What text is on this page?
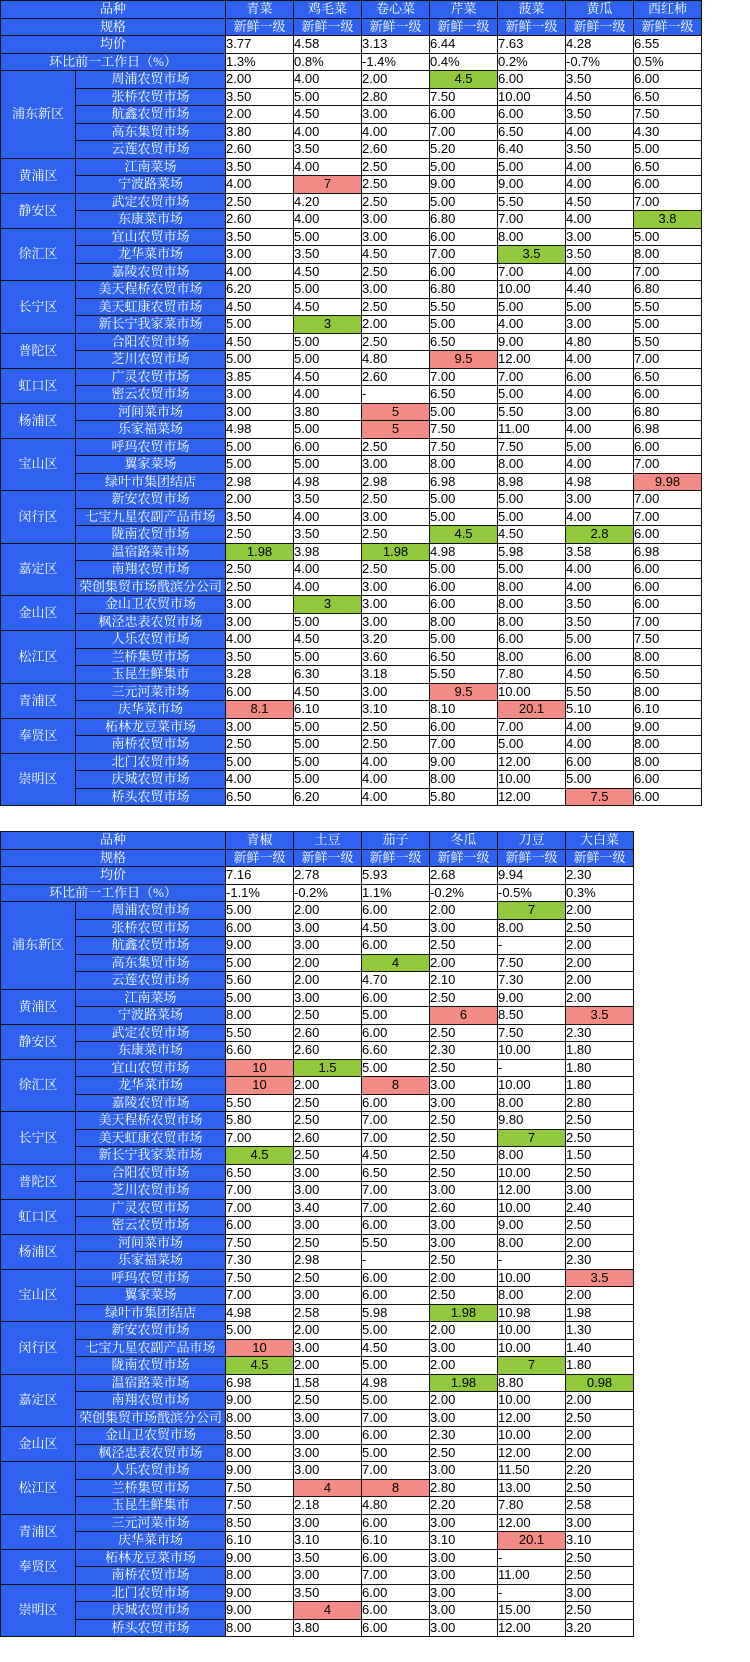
品种		青菜	鸡毛菜	卷心菜	芹菜	菠菜	黄瓜	西红柿
规格		新鲜一级	新鲜一级	新鲜一级	新鲜一级	新鲜一级	新鲜一级	新鲜一级
均价		3.77	4.58	3.13	6.44	7.63	4.28	6.55
环比前一工作日（%）		1.3%	0.8%	-1.4%	0.4%	0.2%	-0.7%	0.5%
浦东新区	周浦农贸市场	2.00	4.00	2.00	4.5	6.00	3.50	6.00
	张桥农贸市场	3.50	5.00	2.80	7.50	10.00	4.50	6.50
	航鑫农贸市场	2.00	4.50	3.00	6.00	6.00	3.50	7.50
	高东集贸市场	3.80	4.00	4.00	7.00	6.50	4.00	4.30
	云莲农贸市场	2.60	3.50	2.60	5.20	6.40	3.50	5.00
黄浦区	江南菜场	3.50	4.00	2.50	5.00	5.00	4.00	6.50
	宁波路菜场	4.00	7	2.50	9.00	9.00	4.00	6.00
静安区	武定农贸市场	2.50	4.20	2.50	5.00	5.50	4.50	7.00
	东康菜市场	2.60	4.00	3.00	6.80	7.00	4.00	3.8
徐汇区	宜山农贸市场	3.50	5.00	3.00	6.00	8.00	3.00	5.00
	龙华菜市场	3.00	3.50	4.50	7.00	3.5	3.50	8.00
	嘉陵农贸市场	4.00	4.50	2.50	6.00	7.00	4.00	7.00
长宁区	美天程桥农贸市场	6.20	5.00	3.00	6.80	10.00	4.40	6.80
	美天虹康农贸市场	4.50	4.50	2.50	5.50	5.00	5.00	5.50
	新长宁我家菜市场	5.00	3	2.00	5.00	4.00	3.00	5.00
普陀区	合阳农贸市场	4.50	5.00	2.50	6.50	9.00	4.80	5.50
	芝川农贸市场	5.00	5.00	4.80	9.5	12.00	4.00	7.00
虹口区	广灵农贸市场	3.85	4.50	2.60	7.00	7.00	6.00	6.50
	密云农贸市场	3.00	4.00	-	6.50	5.00	4.00	6.00
杨浦区	河间菜市场	3.00	3.80	5	5.00	5.50	3.00	6.80
	乐家福菜场	4.98	5.00	5	7.50	11.00	4.00	6.98
宝山区	呼玛农贸市场	5.00	6.00	2.50	7.50	7.50	5.00	6.00
	翼家菜场	5.00	5.00	3.00	8.00	8.00	4.00	7.00
	绿叶市集团结店	2.98	4.98	2.98	6.98	8.98	4.98	9.98
闵行区	新安农贸市场	2.00	3.50	2.50	5.00	5.00	3.00	7.00
	七宝九星农副产品市场	3.50	4.00	3.00	5.00	5.00	4.00	7.00
	陇南农贸市场	2.50	3.50	2.50	4.5	4.50	2.8	6.00
嘉定区	温宿路菜市场	1.98	3.98	1.98	4.98	5.98	3.58	6.98
	南翔农贸市场	2.50	4.00	2.50	5.00	5.00	4.00	6.00
	荣创集贸市场戬滨分公司	2.50	4.00	3.00	6.00	8.00	4.00	6.00
金山区	金山卫农贸市场	3.00	3	3.00	6.00	8.00	3.50	6.00
	枫泾忠表农贸市场	3.00	5.00	3.00	8.00	8.00	3.50	7.00
松江区	人乐农贸市场	4.00	4.50	3.20	5.00	6.00	5.00	7.50
	兰桥集贸市场	3.50	5.00	3.60	6.50	8.00	6.00	8.00
	玉昆生鲜集市	3.28	6.30	3.18	5.50	7.80	4.50	6.50
青浦区	三元河菜市场	6.00	4.50	3.00	9.5	10.00	5.50	8.00
	庆华菜市场	8.1	6.10	3.10	8.10	20.1	5.10	6.10
奉贤区	柘林龙豆菜市场	3.00	5.00	2.50	6.00	7.00	4.00	9.00
	南桥农贸市场	2.50	5.00	2.50	7.00	5.00	4.00	8.00
崇明区	北门农贸市场	5.00	5.00	4.00	9.00	12.00	6.00	8.00
	庆城农贸市场	4.00	5.00	4.00	8.00	10.00	5.00	6.00
	桥头农贸市场	6.50	6.20	4.00	5.80	12.00	7.5	6.00
品种		青椒	土豆	茄子	冬瓜	刀豆	大白菜
规格		新鲜一级	新鲜一级	新鲜一级	新鲜一级	新鲜一级	新鲜一级
均价		7.16	2.78	5.93	2.68	9.94	2.30
环比前一工作日（%）		-1.1%	-0.2%	1.1%	-0.2%	-0.5%	0.3%
浦东新区	周浦农贸市场	5.00	2.00	6.00	2.00	7	2.00
	张桥农贸市场	6.00	3.00	4.50	3.00	8.00	2.50
	航鑫农贸市场	9.00	3.00	6.00	2.50	-	2.00
	高东集贸市场	5.00	2.00	4	2.00	7.50	2.00
	云莲农贸市场	5.60	2.00	4.70	2.10	7.30	2.00
黄浦区	江南菜场	5.00	3.00	6.00	2.50	9.00	2.00
	宁波路菜场	8.00	2.50	5.00	6	8.50	3.5
静安区	武定农贸市场	5.50	2.60	6.00	2.50	7.50	2.30
	东康菜市场	6.60	2.60	6.60	2.30	10.00	1.80
徐汇区	宜山农贸市场	10	1.5	5.00	2.50	-	1.80
	龙华菜市场	10	2.00	8	3.00	10.00	1.80
	嘉陵农贸市场	5.50	2.50	6.00	3.00	8.00	2.80
长宁区	美天程桥农贸市场	5.80	2.50	7.00	2.50	9.80	2.50
	美天虹康农贸市场	7.00	2.60	7.00	2.50	7	2.50
	新长宁我家菜市场	4.5	2.50	4.50	2.50	8.00	1.50
普陀区	合阳农贸市场	6.50	3.00	6.50	2.50	10.00	2.50
	芝川农贸市场	7.00	3.00	7.00	3.00	12.00	3.00
虹口区	广灵农贸市场	7.00	3.40	7.00	2.60	10.00	2.40
	密云农贸市场	6.00	3.00	6.00	3.00	9.00	2.50
杨浦区	河间菜市场	7.50	2.50	5.50	3.00	8.00	2.00
	乐家福菜场	7.30	2.98	-	2.50	-	2.30
宝山区	呼玛农贸市场	7.50	2.50	6.00	2.00	10.00	3.5
	翼家菜场	7.00	3.00	6.00	2.50	8.00	2.00
	绿叶市集团结店	4.98	2.58	5.98	1.98	10.98	1.98
闵行区	新安农贸市场	5.00	2.00	5.00	2.00	10.00	1.30
	七宝九星农副产品市场	10	3.00	4.50	3.00	10.00	1.40
	陇南农贸市场	4.5	2.00	5.00	2.00	7	1.80
嘉定区	温宿路菜市场	6.98	1.58	4.98	1.98	8.80	0.98
	南翔农贸市场	9.00	2.50	5.00	2.00	10.00	2.00
	荣创集贸市场戬滨分公司	8.00	3.00	7.00	3.00	12.00	2.50
金山区	金山卫农贸市场	8.50	3.00	6.00	2.30	10.00	2.00
	枫泾忠表农贸市场	8.00	3.00	5.00	2.50	12.00	2.00
松江区	人乐农贸市场	9.00	3.00	7.00	3.00	11.50	2.20
	兰桥集贸市场	7.50	4	8	2.80	13.00	2.50
	玉昆生鲜集市	7.50	2.18	4.80	2.20	7.80	2.58
青浦区	三元河菜市场	8.50	3.00	6.00	3.00	12.00	3.00
	庆华菜市场	6.10	3.10	6.10	3.10	20.1	3.10
奉贤区	柘林龙豆菜市场	9.00	3.50	6.00	3.00	-	2.50
	南桥农贸市场	8.00	3.00	7.00	3.00	11.00	2.50
崇明区	北门农贸市场	9.00	3.50	6.00	3.00	-	3.00
	庆城农贸市场	9.00	4	6.00	3.00	15.00	2.50
	桥头农贸市场	8.00	3.80	6.00	3.00	12.00	3.20
